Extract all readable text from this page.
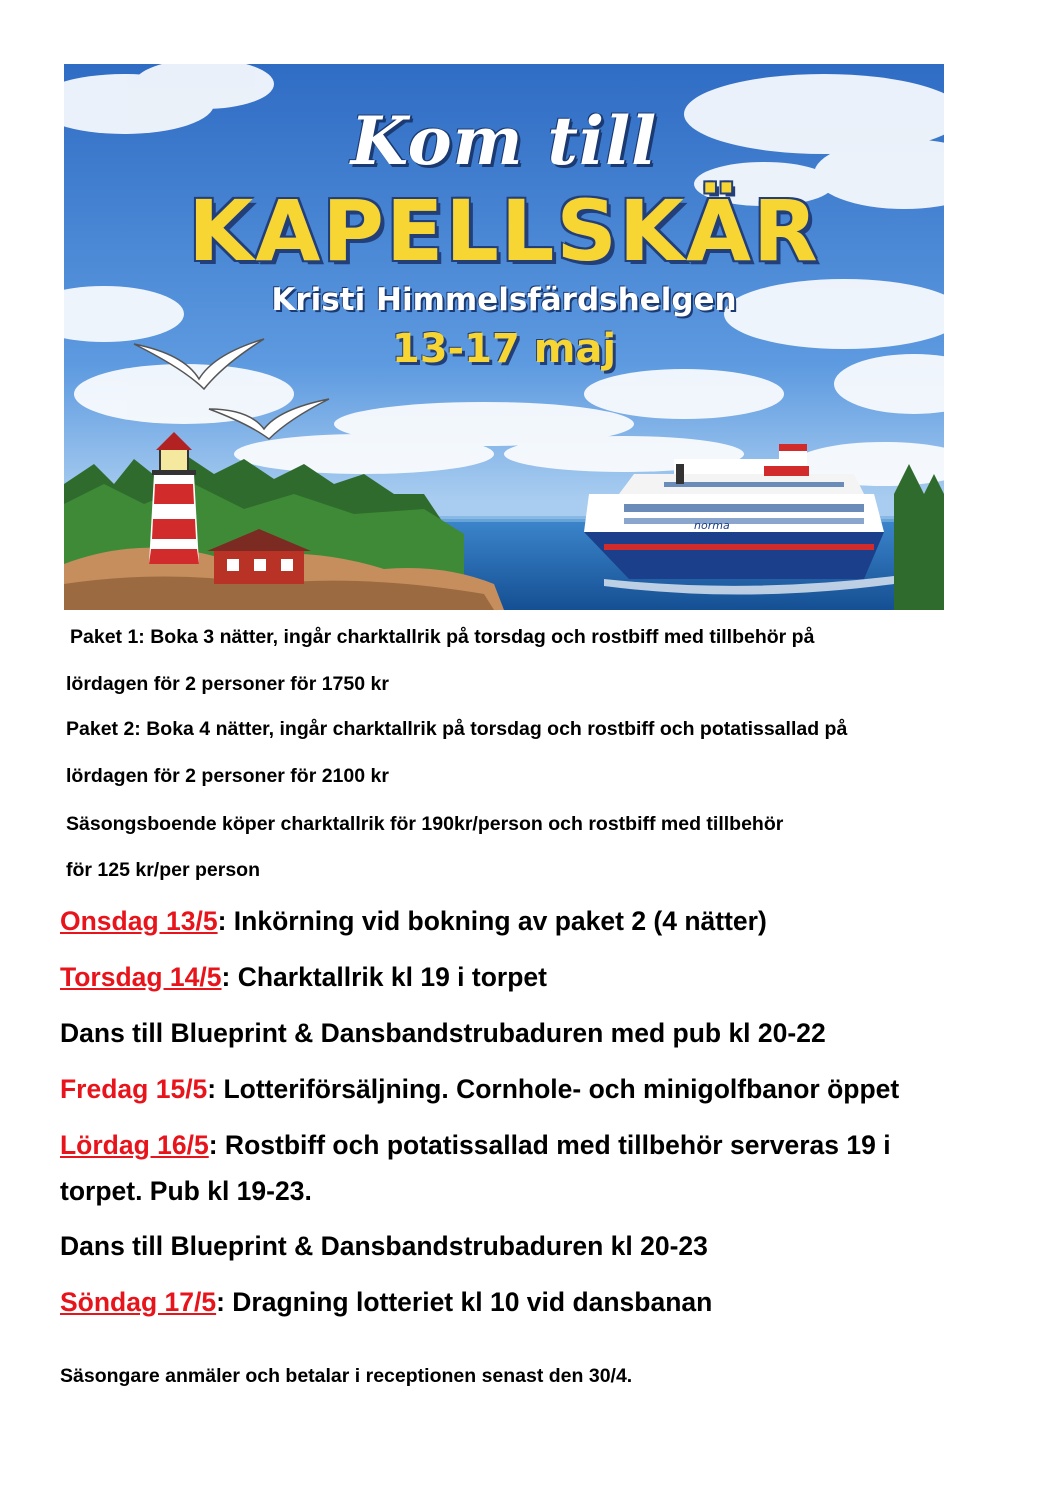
norma
Kom till
KAPELLSKÄR
Kristi Himmelsfärdshelgen
13-17 maj
Paket 1: Boka 3 nätter, ingår charktallrik på torsdag och rostbiff med tillbehör på
lördagen för 2 personer för 1750 kr
Paket 2: Boka 4 nätter, ingår charktallrik på torsdag och rostbiff och potatissallad på
lördagen för 2 personer för 2100 kr
Säsongsboende köper charktallrik för 190kr/person och rostbiff med tillbehör
för 125 kr/per person
Onsdag 13/5: Inkörning vid bokning av paket 2 (4 nätter)
Torsdag 14/5: Charktallrik kl 19 i torpet
Dans till Blueprint & Dansbandstrubaduren med pub kl 20-22
Fredag 15/5: Lotteriförsäljning. Cornhole- och minigolfbanor öppet
Lördag 16/5: Rostbiff och potatissallad med tillbehör serveras 19 i
torpet. Pub kl 19-23.
Dans till Blueprint & Dansbandstrubaduren kl 20-23
Söndag 17/5: Dragning lotteriet kl 10 vid dansbanan
Säsongare anmäler och betalar i receptionen senast den 30/4.
